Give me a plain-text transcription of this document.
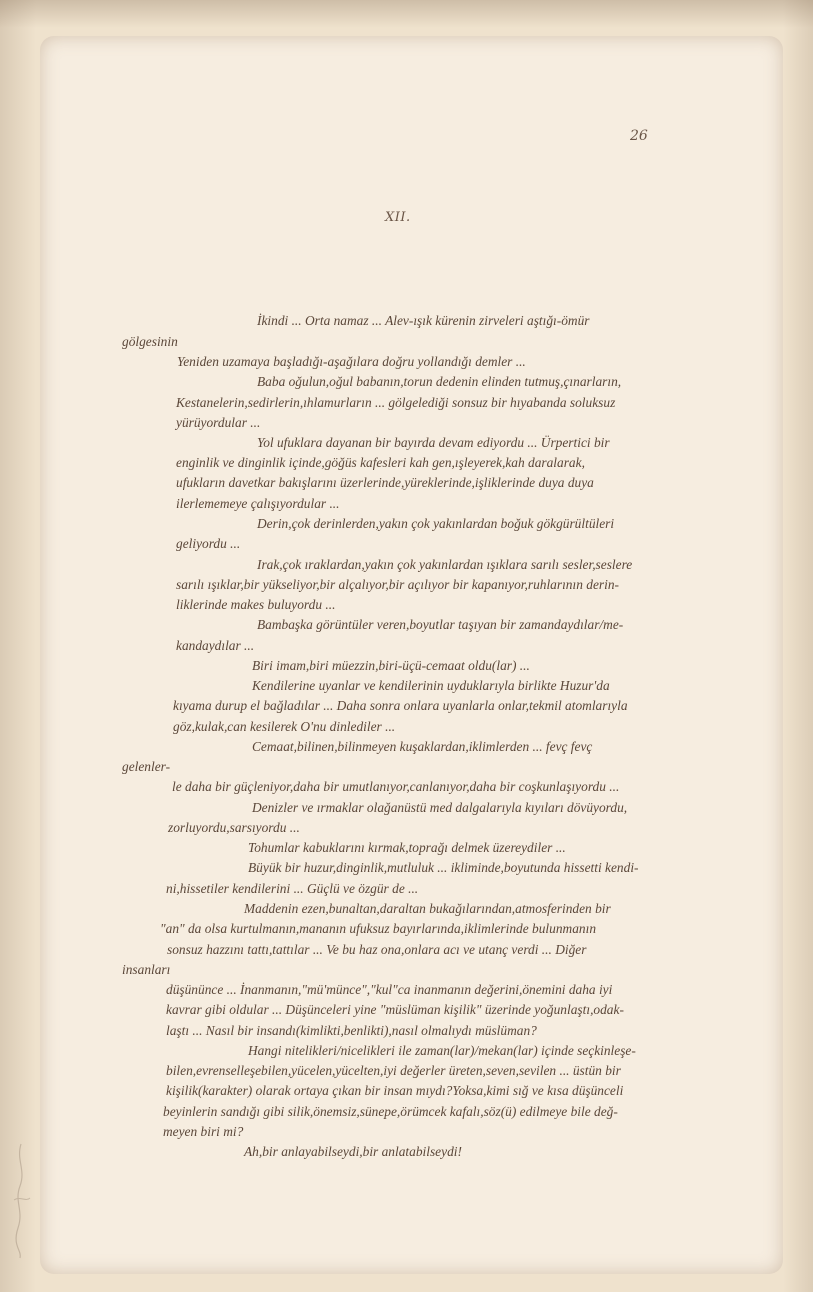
26
XII.
İkindi ... Orta namaz ... Alev-ışık kürenin zirveleri aştığı-ömür
gölgesinin
Yeniden uzamaya başladığı-aşağılara doğru yollandığı demler ...
Baba oğulun,oğul babanın,torun dedenin elinden tutmuş,çınarların,
Kestanelerin,sedirlerin,ıhlamurların ... gölgelediği sonsuz bir hıyabanda soluksuz
yürüyordular ...
Yol ufuklara dayanan bir bayırda devam ediyordu ... Ürpertici bir
enginlik ve dinginlik içinde,göğüs kafesleri kah gen,ışleyerek,kah daralarak,
ufukların davetkar bakışlarını üzerlerinde,yüreklerinde,işliklerinde duya duya
ilerlememeye çalışıyordular ...
Derin,çok derinlerden,yakın çok yakınlardan boğuk gökgürültüleri
geliyordu ...
Irak,çok ıraklardan,yakın çok yakınlardan ışıklara sarılı sesler,seslere
sarılı ışıklar,bir yükseliyor,bir alçalıyor,bir açılıyor bir kapanıyor,ruhlarının derin-
liklerinde makes buluyordu ...
Bambaşka görüntüler veren,boyutlar taşıyan bir zamandaydılar/me-
kandaydılar ...
Biri imam,biri müezzin,biri-üçü-cemaat oldu(lar) ...
Kendilerine uyanlar ve kendilerinin uyduklarıyla birlikte Huzur'da
kıyama durup el bağladılar ... Daha sonra onlara uyanlarla onlar,tekmil atomlarıyla
göz,kulak,can kesilerek O'nu dinlediler ...
Cemaat,bilinen,bilinmeyen kuşaklardan,iklimlerden ... fevç fevç
gelenler-
le daha bir güçleniyor,daha bir umutlanıyor,canlanıyor,daha bir coşkunlaşıyordu ...
Denizler ve ırmaklar olağanüstü med dalgalarıyla kıyıları dövüyordu,
zorluyordu,sarsıyordu ...
Tohumlar kabuklarını kırmak,toprağı delmek üzereydiler ...
Büyük bir huzur,dinginlik,mutluluk ... ikliminde,boyutunda hissetti kendi-
ni,hissetiler kendilerini ... Güçlü ve özgür de ...
Maddenin ezen,bunaltan,daraltan bukağılarından,atmosferinden bir
"an" da olsa kurtulmanın,mananın ufuksuz bayırlarında,iklimlerinde bulunmanın
sonsuz hazzını tattı,tattılar ... Ve bu haz ona,onlara acı ve utanç verdi ... Diğer
insanları
düşününce ... İnanmanın,"mü'münce","kul"ca inanmanın değerini,önemini daha iyi
kavrar gibi oldular ... Düşünceleri yine "müslüman kişilik" üzerinde yoğunlaştı,odak-
laştı ... Nasıl bir insandı(kimlikti,benlikti),nasıl olmalıydı müslüman?
Hangi nitelikleri/nicelikleri ile zaman(lar)/mekan(lar) içinde seçkinleşe-
bilen,evrenselleşebilen,yücelen,yücelten,iyi değerler üreten,seven,sevilen ... üstün bir
kişilik(karakter) olarak ortaya çıkan bir insan mıydı?Yoksa,kimi sığ ve kısa düşünceli
beyinlerin sandığı gibi silik,önemsiz,sünepe,örümcek kafalı,söz(ü) edilmeye bile değ-
meyen biri mi?
Ah,bir anlayabilseydi,bir anlatabilseydi!
